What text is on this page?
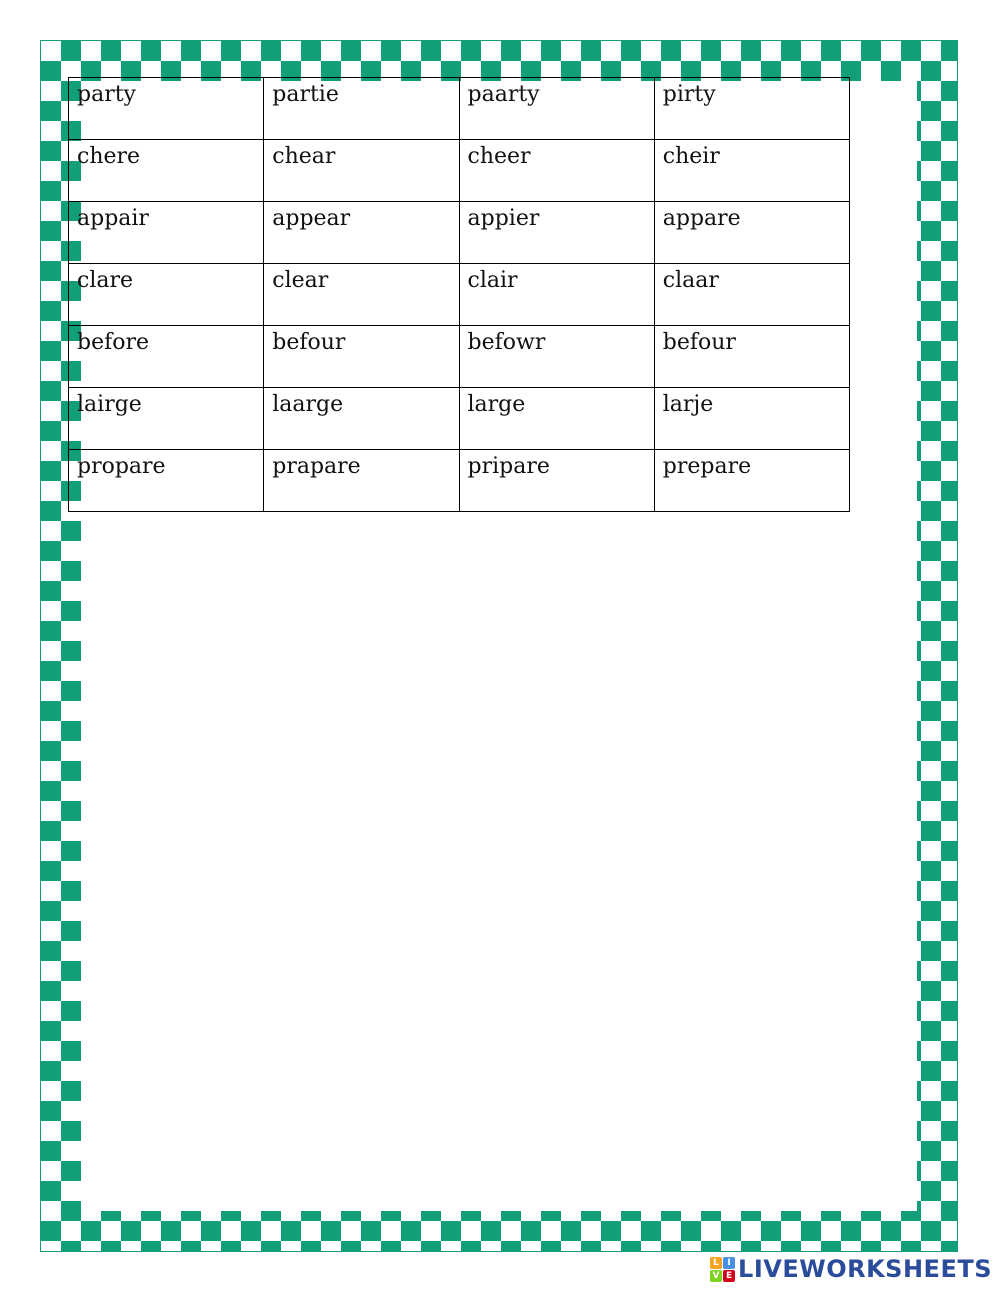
party	partie	paarty	pirty
chere	chear	cheer	cheir
appair	appear	appier	appare
clare	clear	clair	claar
before	befour	befowr	befour
lairge	laarge	large	larje
propare	prapare	pripare	prepare
L I
V E LIVEWORKSHEETS
